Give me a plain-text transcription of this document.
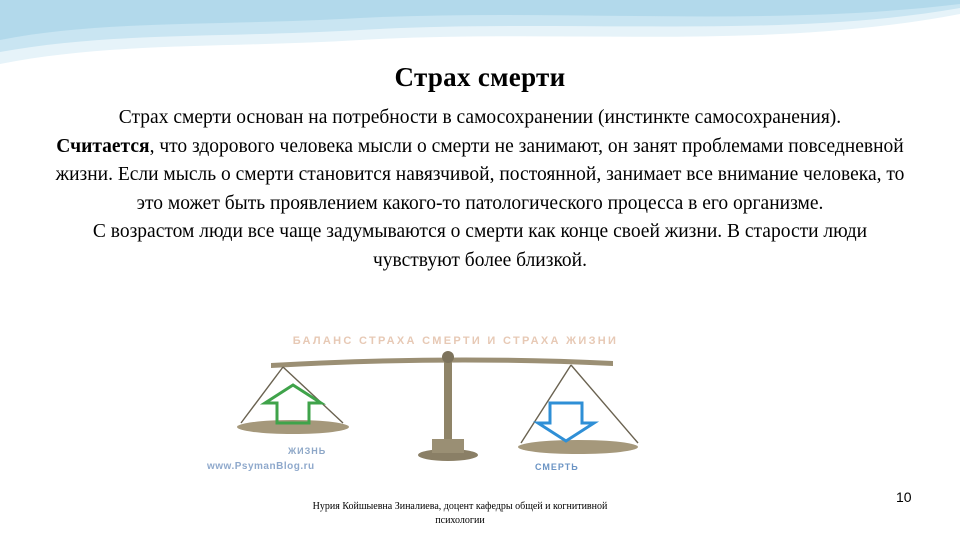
Страх смерти

Страх смерти основан на потребности в самосохранении (инстинкте самосохранения).

Считается, что здорового человека мысли о смерти не занимают, он занят проблемами повседневной жизни. Если мысль о смерти становится навязчивой, постоянной, занимает все внимание человека, то это может быть проявлением какого-то патологического процесса в его организме.

С возрастом люди все чаще задумываются о смерти как конце своей жизни. В старости люди чувствуют более близкой.

БАЛАНС СТРАХА СМЕРТИ И СТРАХА ЖИЗНИ
ЖИЗНЬ
СМЕРТЬ
www.PsymanBlog.ru
Нурия Койшыевна Зиналиева, доцент кафедры общей и когнитивной психологии
10
